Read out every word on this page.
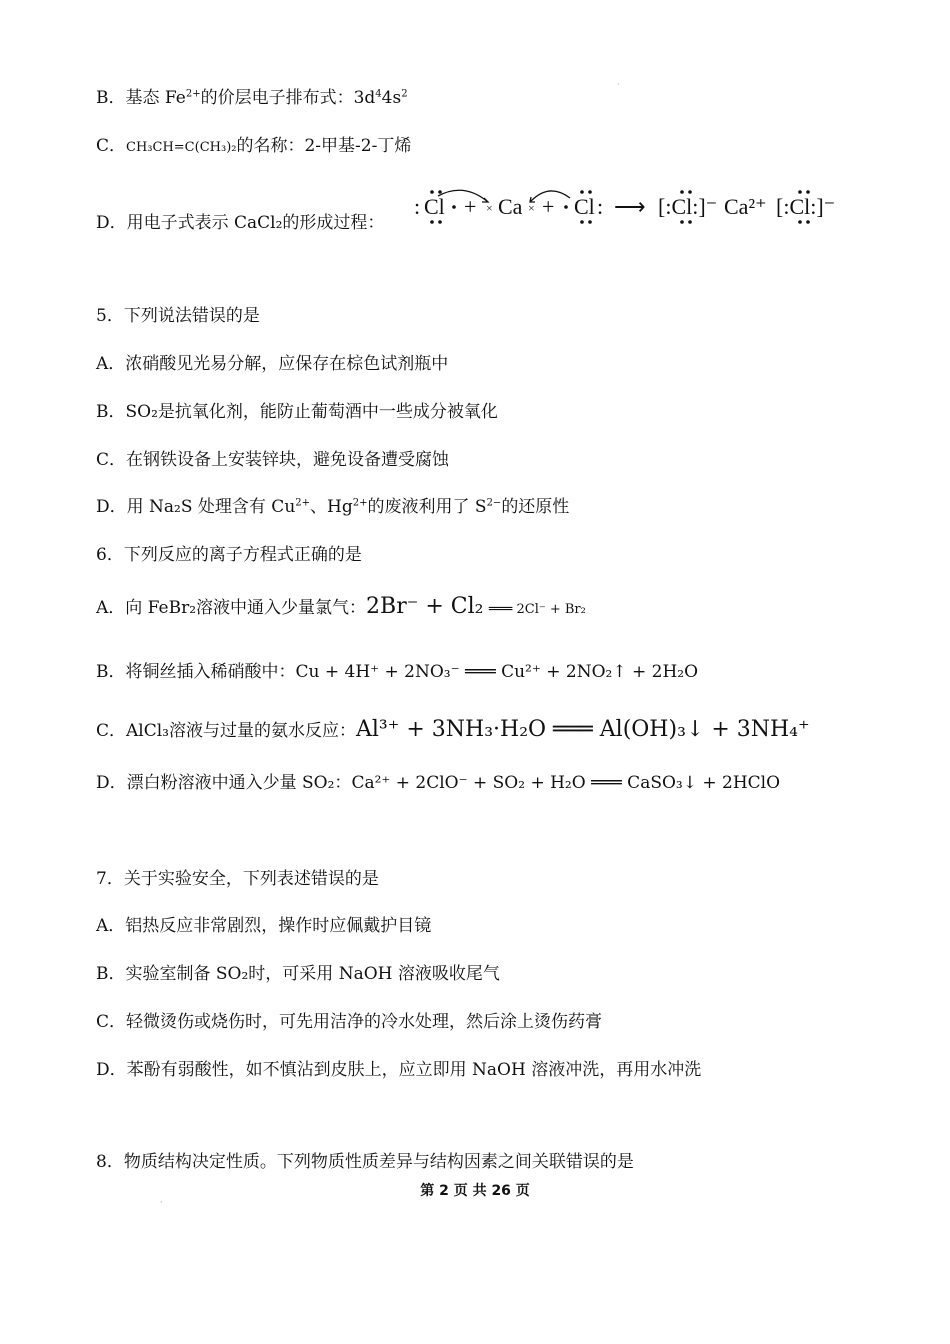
·
B．基态 $Fe^{2+}$的价层电子排布式：$3d^44s^2$
C．CH₃CH=C(CH₃)₂的名称：2-甲基-2-丁烯
D．用电子式表示 CaCl₂的形成过程：
: Cl + × Ca × + Cl : ⟶ [:Cl:]⁻ Ca²⁺ [:Cl:]⁻
5．下列说法错误的是
A．浓硝酸见光易分解，应保存在棕色试剂瓶中
B．SO₂是抗氧化剂，能防止葡萄酒中一些成分被氧化
C．在钢铁设备上安装锌块，避免设备遭受腐蚀
D．用 Na₂S 处理含有 $Cu^{2+}$、$Hg^{2+}$的废液利用了 $S^{2-}$的还原性
6．下列反应的离子方程式正确的是
A．向 FeBr₂溶液中通入少量氯气：2Br⁻ + Cl₂ ═══ 2Cl⁻ + Br₂
B．将铜丝插入稀硝酸中：Cu + 4H⁺ + 2NO₃⁻ ═══ Cu²⁺ + 2NO₂↑ + 2H₂O
C．AlCl₃溶液与过量的氨水反应：Al³⁺ + 3NH₃·H₂O ═══ Al(OH)₃↓ + 3NH₄⁺
D．漂白粉溶液中通入少量 SO₂：Ca²⁺ + 2ClO⁻ + SO₂ + H₂O ═══ CaSO₃↓ + 2HClO
7．关于实验安全，下列表述错误的是
A．铝热反应非常剧烈，操作时应佩戴护目镜
B．实验室制备 SO₂时，可采用 NaOH 溶液吸收尾气
C．轻微烫伤或烧伤时，可先用洁净的冷水处理，然后涂上烫伤药膏
D．苯酚有弱酸性，如不慎沾到皮肤上，应立即用 NaOH 溶液冲洗，再用水冲洗
8．物质结构决定性质。下列物质性质差异与结构因素之间关联错误的是
第 2 页 共 26 页
·
